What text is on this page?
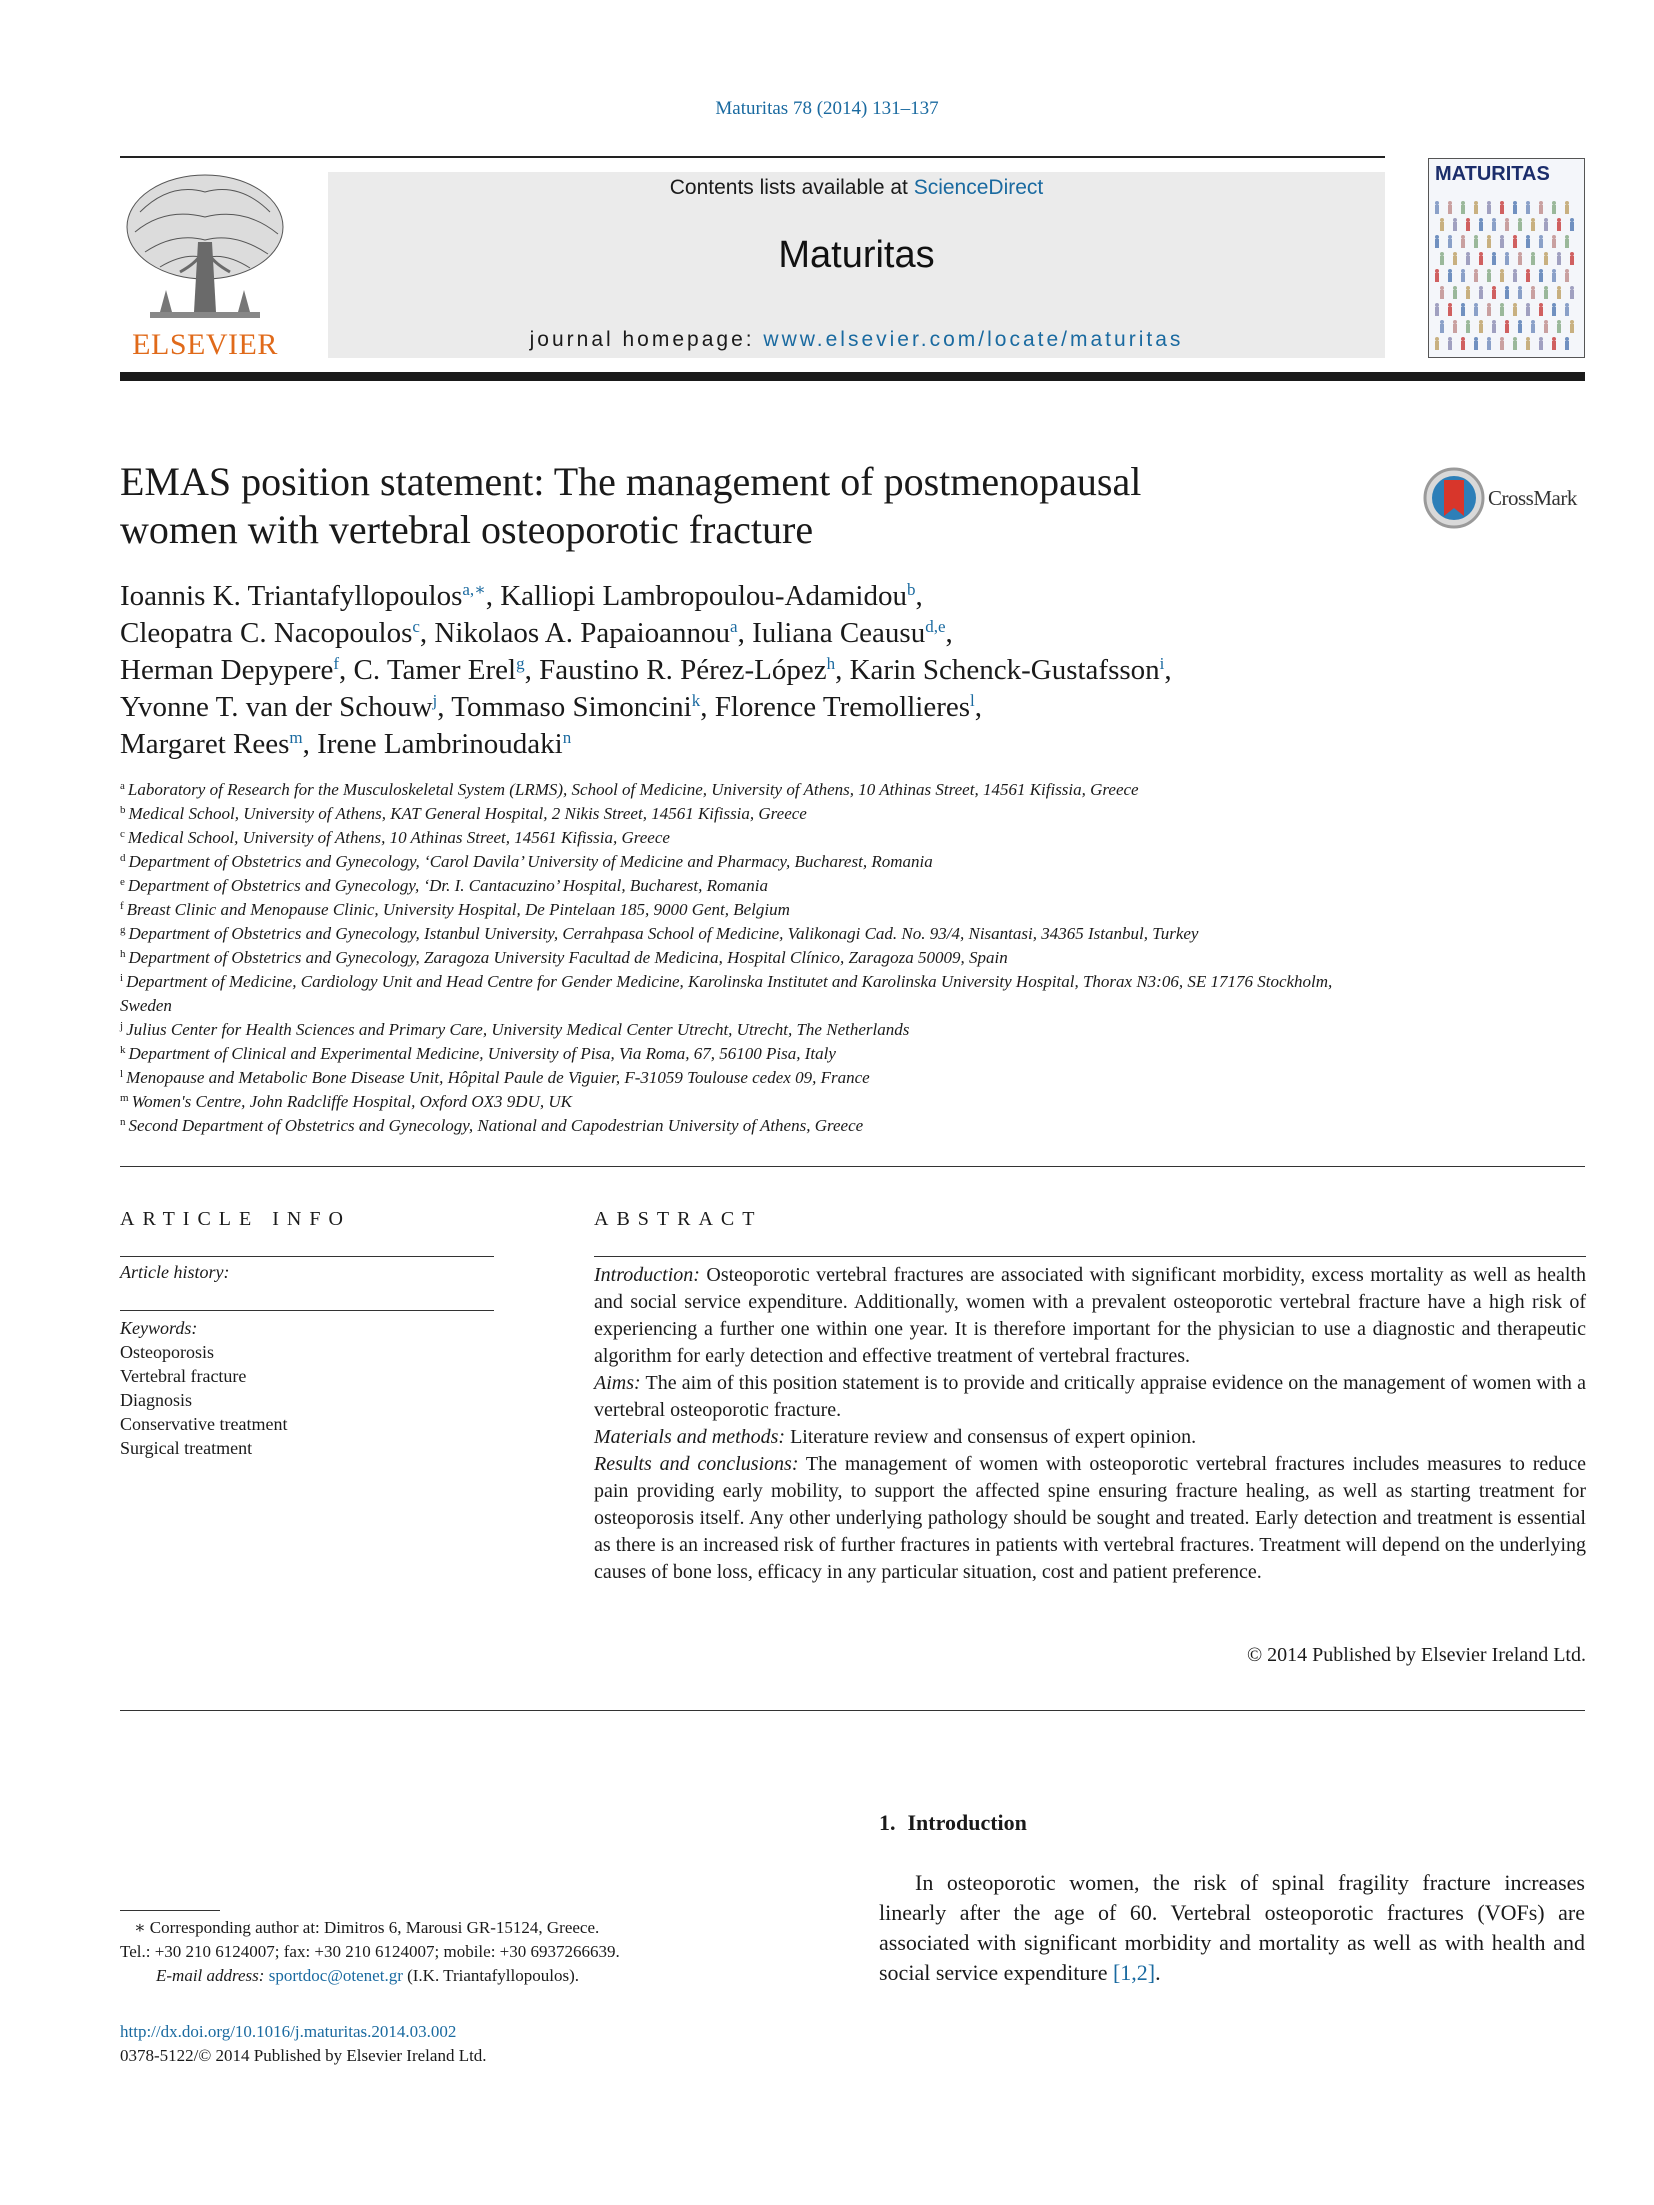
Maturitas 78 (2014) 131–137
ELSEVIER
Contents lists available at ScienceDirect
Maturitas
journal homepage: www.elsevier.com/locate/maturitas
MATURITAS
EMAS position statement: The management of postmenopausal
women with vertebral osteoporotic fracture
CrossMark
Ioannis K. Triantafyllopoulos$^{a,∗}$, Kalliopi Lambropoulou-Adamidou$^b$,
Cleopatra C. Nacopoulos$^c$, Nikolaos A. Papaioannou$^a$, Iuliana Ceausu$^{d,e}$,
Herman Depypere$^f$, C. Tamer Erel$^g$, Faustino R. Pérez-López$^h$, Karin Schenck-Gustafsson$^i$,
Yvonne T. van der Schouw$^j$, Tommaso Simoncini$^k$, Florence Tremollieres$^l$,
Margaret Rees$^m$, Irene Lambrinoudaki$^n$
$^a$ Laboratory of Research for the Musculoskeletal System (LRMS), School of Medicine, University of Athens, 10 Athinas Street, 14561 Kifissia, Greece
$^b$ Medical School, University of Athens, KAT General Hospital, 2 Nikis Street, 14561 Kifissia, Greece
$^c$ Medical School, University of Athens, 10 Athinas Street, 14561 Kifissia, Greece
$^d$ Department of Obstetrics and Gynecology, ‘Carol Davila’ University of Medicine and Pharmacy, Bucharest, Romania
$^e$ Department of Obstetrics and Gynecology, ‘Dr. I. Cantacuzino’ Hospital, Bucharest, Romania
$^f$ Breast Clinic and Menopause Clinic, University Hospital, De Pintelaan 185, 9000 Gent, Belgium
$^g$ Department of Obstetrics and Gynecology, Istanbul University, Cerrahpasa School of Medicine, Valikonagi Cad. No. 93/4, Nisantasi, 34365 Istanbul, Turkey
$^h$ Department of Obstetrics and Gynecology, Zaragoza University Facultad de Medicina, Hospital Clínico, Zaragoza 50009, Spain
$^i$ Department of Medicine, Cardiology Unit and Head Centre for Gender Medicine, Karolinska Institutet and Karolinska University Hospital, Thorax N3:06, SE 17176 Stockholm, Sweden
$^j$ Julius Center for Health Sciences and Primary Care, University Medical Center Utrecht, Utrecht, The Netherlands
$^k$ Department of Clinical and Experimental Medicine, University of Pisa, Via Roma, 67, 56100 Pisa, Italy
$^l$ Menopause and Metabolic Bone Disease Unit, Hôpital Paule de Viguier, F-31059 Toulouse cedex 09, France
$^m$ Women's Centre, John Radcliffe Hospital, Oxford OX3 9DU, UK
$^n$ Second Department of Obstetrics and Gynecology, National and Capodestrian University of Athens, Greece
ARTICLE INFO
Article history:
Keywords:
Osteoporosis
Vertebral fracture
Diagnosis
Conservative treatment
Surgical treatment
ABSTRACT

Introduction: Osteoporotic vertebral fractures are associated with significant morbidity, excess mortality as well as health and social service expenditure. Additionally, women with a prevalent osteoporotic vertebral fracture have a high risk of experiencing a further one within one year. It is therefore important for the physician to use a diagnostic and therapeutic algorithm for early detection and effective treatment of vertebral fractures.

Aims: The aim of this position statement is to provide and critically appraise evidence on the management of women with a vertebral osteoporotic fracture.

Materials and methods: Literature review and consensus of expert opinion.

Results and conclusions: The management of women with osteoporotic vertebral fractures includes measures to reduce pain providing early mobility, to support the affected spine ensuring fracture healing, as well as starting treatment for osteoporosis itself. Any other underlying pathology should be sought and treated. Early detection and treatment is essential as there is an increased risk of further fractures in patients with vertebral fractures. Treatment will depend on the underlying causes of bone loss, efficacy in any particular situation, cost and patient preference.

© 2014 Published by Elsevier Ireland Ltd.
1. Introduction
In osteoporotic women, the risk of spinal fragility fracture increases linearly after the age of 60. Vertebral osteoporotic fractures (VOFs) are associated with significant morbidity and mortality as well as with health and social service expenditure [1,2].
∗ Corresponding author at: Dimitros 6, Marousi GR-15124, Greece.
Tel.: +30 210 6124007; fax: +30 210 6124007; mobile: +30 6937266639.
E-mail address: sportdoc@otenet.gr (I.K. Triantafyllopoulos).
http://dx.doi.org/10.1016/j.maturitas.2014.03.002
0378-5122/© 2014 Published by Elsevier Ireland Ltd.
